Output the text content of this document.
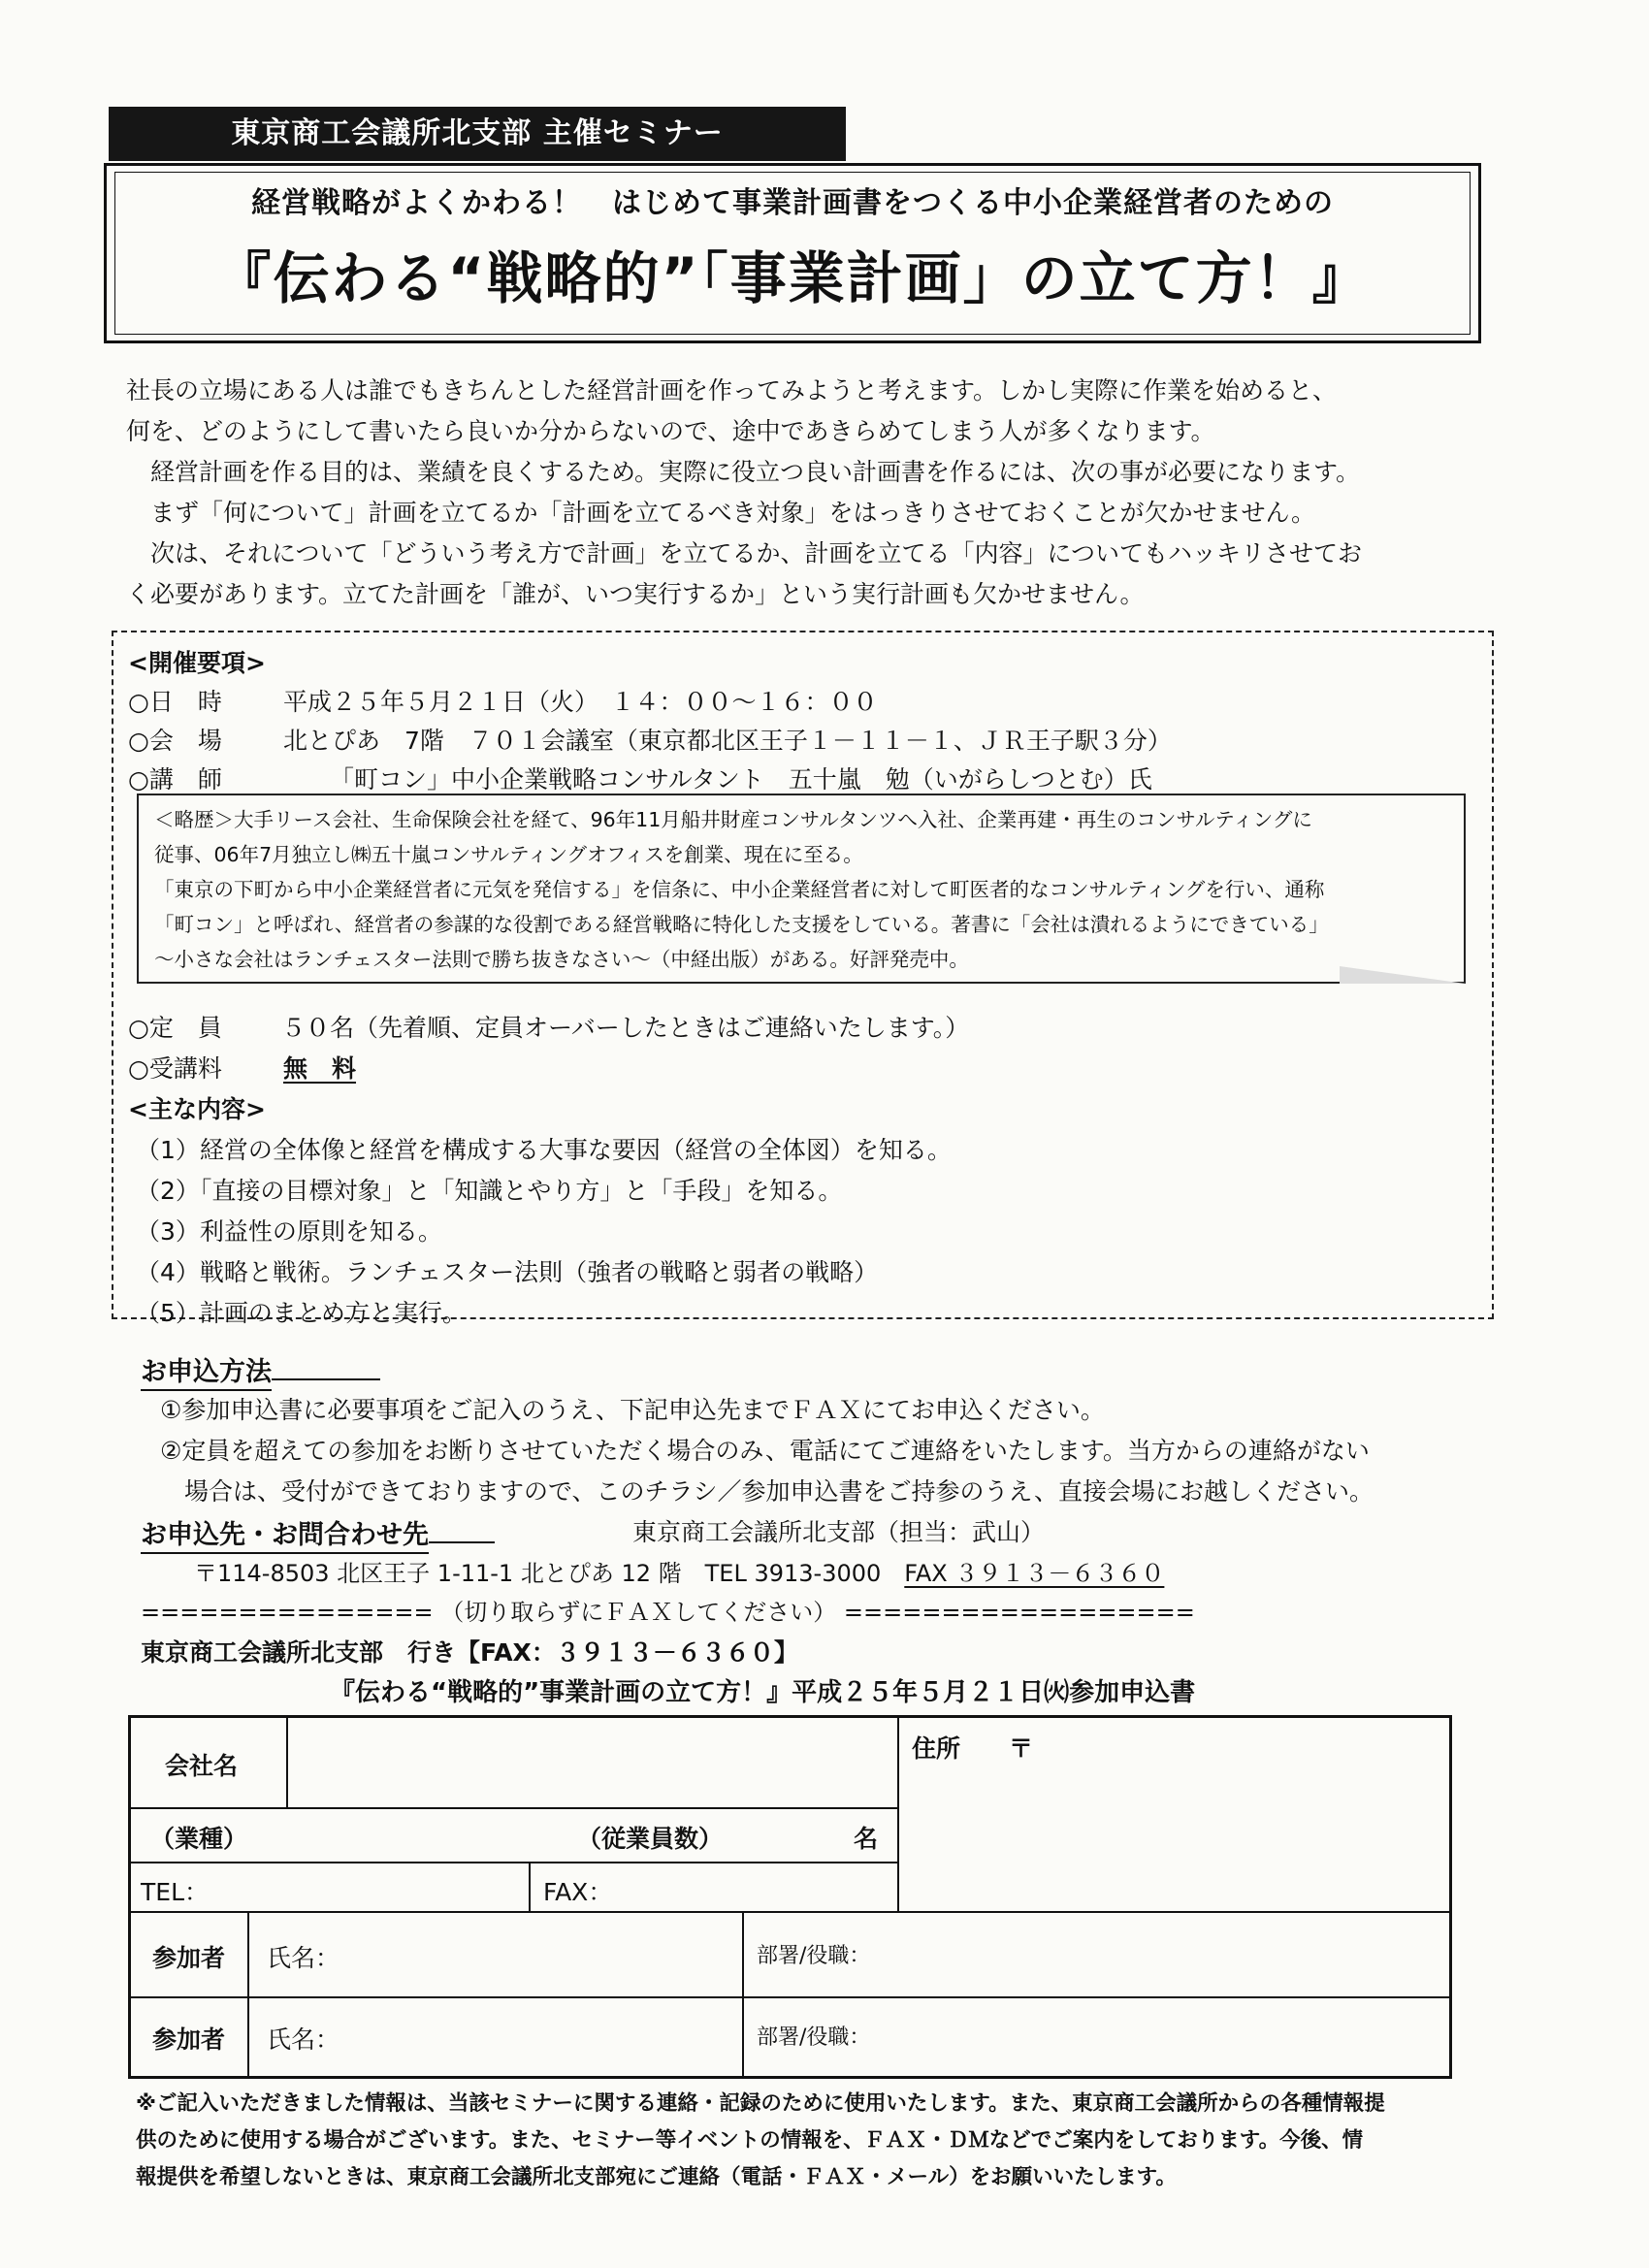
東京商工会議所北支部 主催セミナー
経営戦略がよくかわる！　はじめて事業計画書をつくる中小企業経営者のための
『伝わる“戦略的”「事業計画」の立て方！』

社長の立場にある人は誰でもきちんとした経営計画を作ってみようと考えます。しかし実際に作業を始めると、

何を、どのようにして書いたら良いか分からないので、途中であきらめてしまう人が多くなります。

　経営計画を作る目的は、業績を良くするため。実際に役立つ良い計画書を作るには、次の事が必要になります。

　まず「何について」計画を立てるか「計画を立てるべき対象」をはっきりさせておくことが欠かせません。

　次は、それについて「どういう考え方で計画」を立てるか、計画を立てる「内容」についてもハッキリさせてお

く必要があります。立てた計画を「誰が、いつ実行するか」という実行計画も欠かせません。

<開催要項>
○日　時	平成２５年５月２１日（火）　１４：００～１６：００
○会　場	北とぴあ　7階　７０１会議室（東京都北区王子１－１１－１、ＪＲ王子駅３分）
○講　師	「町コン」中小企業戦略コンサルタント　五十嵐　勉（いがらしつとむ）氏
＜略歴＞大手リース会社、生命保険会社を経て、96年11月船井財産コンサルタンツへ入社、企業再建・再生のコンサルティングに
従事、06年7月独立し㈱五十嵐コンサルティングオフィスを創業、現在に至る。
「東京の下町から中小企業経営者に元気を発信する」を信条に、中小企業経営者に対して町医者的なコンサルティングを行い、通称
「町コン」と呼ばれ、経営者の参謀的な役割である経営戦略に特化した支援をしている。著書に「会社は潰れるようにできている」
～小さな会社はランチェスター法則で勝ち抜きなさい～（中経出版）がある。好評発売中。
○定　員 ５０名（先着順、定員オーバーしたときはご連絡いたします。）
○受講料	無　料
<主な内容>
（1）経営の全体像と経営を構成する大事な要因（経営の全体図）を知る。
（2）「直接の目標対象」と「知識とやり方」と「手段」を知る。
（3）利益性の原則を知る。
（4）戦略と戦術。ランチェスター法則（強者の戦略と弱者の戦略）
（5）計画のまとめ方と実行。
お申込方法
①参加申込書に必要事項をご記入のうえ、下記申込先までＦＡＸにてお申込ください。
②定員を超えての参加をお断りさせていただく場合のみ、電話にてご連絡をいたします。当方からの連絡がない
　場合は、受付ができておりますので、このチラシ／参加申込書をご持参のうえ、直接会場にお越しください。
お申込先・お問合わせ先	東京商工会議所北支部（担当：武山）
〒114-8503 北区王子 1-11-1 北とぴあ 12 階　TEL 3913-3000　 FAX ３９１３－６３６０
=============== （切り取らずにＦＡＸしてください） ==================
東京商工会議所北支部　行き【FAX：３９１３－６３６０】
『伝わる“戦略的”事業計画の立て方！』平成２５年５月２１日㈫参加申込書
会社名
住所　　〒
（業種）	（従業員数）	名
TEL：	FAX：
参加者 氏名：	部署/役職：
参加者 氏名：	部署/役職：

※ご記入いただきました情報は、当該セミナーに関する連絡・記録のために使用いたします。また、東京商工会議所からの各種情報提

供のために使用する場合がございます。また、セミナー等イベントの情報を、ＦＡＸ・ＤＭなどでご案内をしております。今後、情

報提供を希望しないときは、東京商工会議所北支部宛にご連絡（電話・ＦＡＸ・メール）をお願いいたします。
